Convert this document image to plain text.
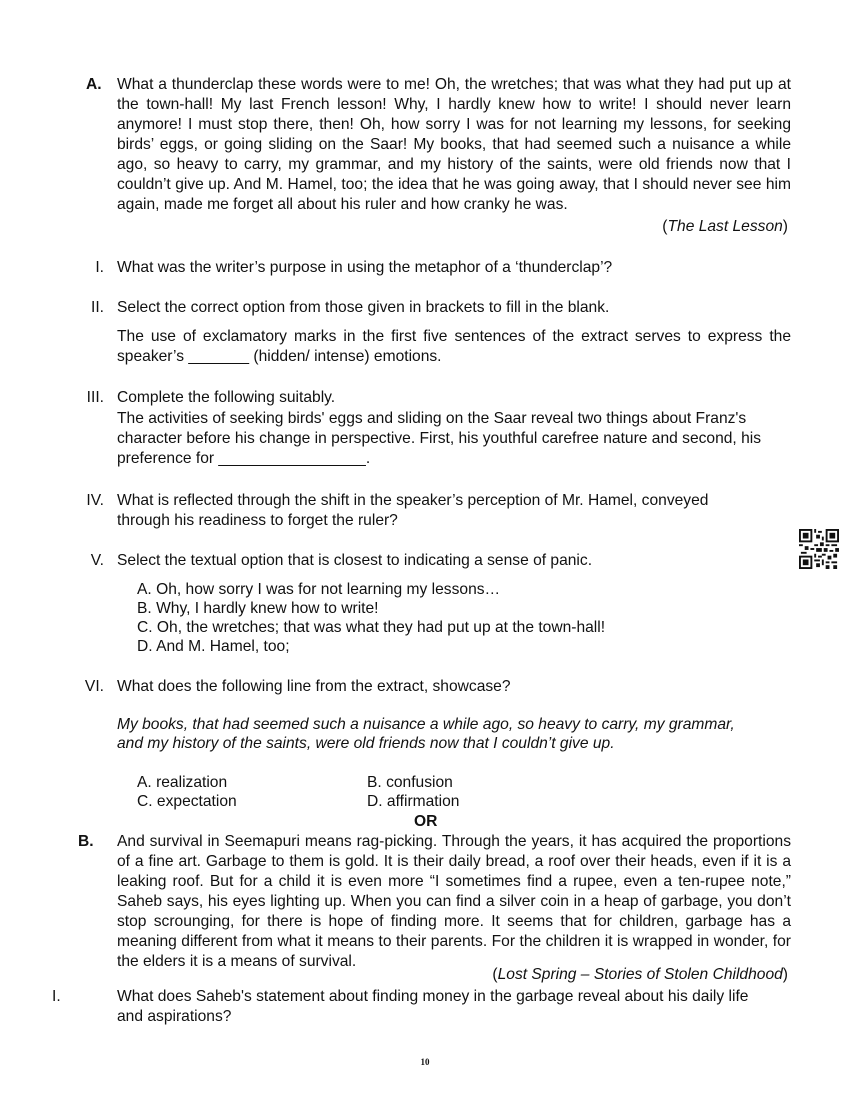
A. What a thunderclap these words were to me! Oh, the wretches; that was what they had put up at the town-hall! My last French lesson! Why, I hardly knew how to write! I should never learn anymore! I must stop there, then! Oh, how sorry I was for not learning my lessons, for seeking birds’ eggs, or going sliding on the Saar! My books, that had seemed such a nuisance a while ago, so heavy to carry, my grammar, and my history of the saints, were old friends now that I couldn’t give up. And M. Hamel, too; the idea that he was going away, that I should never see him again, made me forget all about his ruler and how cranky he was.
(The Last Lesson)
I. What was the writer’s purpose in using the metaphor of a ‘thunderclap’?
II. Select the correct option from those given in brackets to fill in the blank.
The use of exclamatory marks in the first five sentences of the extract serves to express the speaker’s _______ (hidden/ intense) emotions.
III. Complete the following suitably.
The activities of seeking birds' eggs and sliding on the Saar reveal two things about Franz's character before his change in perspective. First, his youthful carefree nature and second, his preference for _________________.
IV. What is reflected through the shift in the speaker’s perception of Mr. Hamel, conveyed through his readiness to forget the ruler?
V. Select the textual option that is closest to indicating a sense of panic.
A. Oh, how sorry I was for not learning my lessons…
B. Why, I hardly knew how to write!
C. Oh, the wretches; that was what they had put up at the town-hall!
D. And M. Hamel, too;
VI. What does the following line from the extract, showcase?
My books, that had seemed such a nuisance a while ago, so heavy to carry, my grammar,
and my history of the saints, were old friends now that I couldn’t give up.
A. realization	B. confusion
C. expectation	D. affirmation
OR
B. And survival in Seemapuri means rag-picking. Through the years, it has acquired the proportions of a fine art. Garbage to them is gold. It is their daily bread, a roof over their heads, even if it is a leaking roof. But for a child it is even more “I sometimes find a rupee, even a ten-rupee note,” Saheb says, his eyes lighting up. When you can find a silver coin in a heap of garbage, you don’t stop scrounging, for there is hope of finding more. It seems that for children, garbage has a meaning different from what it means to their parents. For the children it is wrapped in wonder, for the elders it is a means of survival.
(Lost Spring – Stories of Stolen Childhood)
I.	What does Saheb's statement about finding money in the garbage reveal about his daily life and aspirations?
10
